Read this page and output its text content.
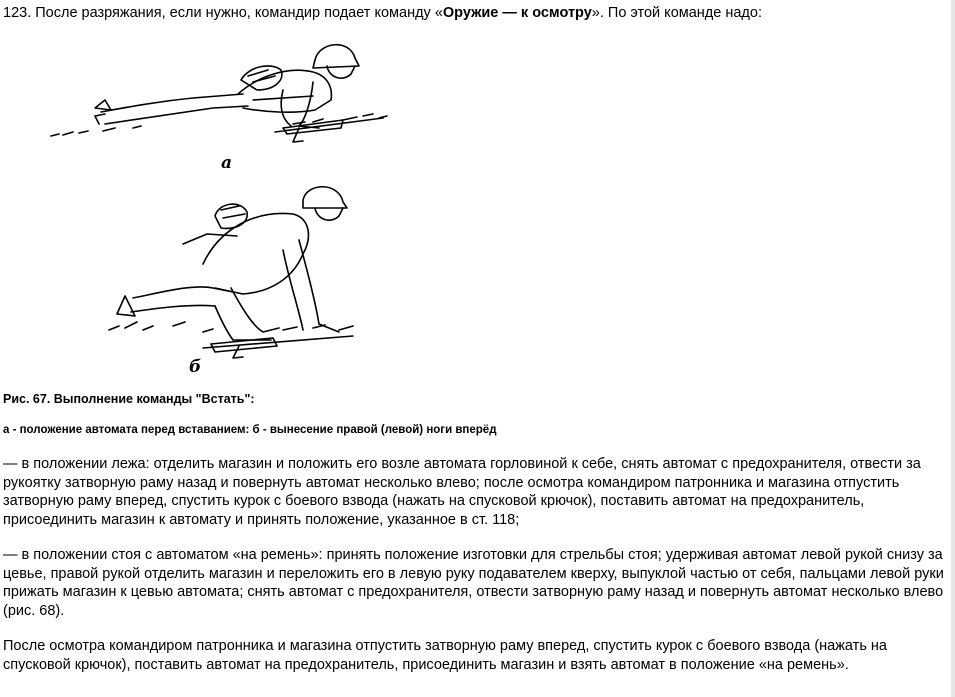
123. После разряжания, если нужно, командир подает команду «Оружие — к осмотру». По этой команде надо:
а
б
Рис. 67. Выполнение команды "Встать":
а - положение автомата перед вставанием: б - вынесение правой (левой) ноги вперёд
— в положении лежа: отделить магазин и положить его возле автомата горловиной к себе, снять автомат с предохранителя, отвести за рукоятку затворную раму назад и повернуть автомат несколько влево; после осмотра командиром патронника и магазина отпустить затворную раму вперед, спустить курок с боевого взвода (нажать на спусковой крючок), поставить автомат на предохранитель, присоединить магазин к автомату и принять положение, указанное в ст. 118;
— в положении стоя с автоматом «на ремень»: принять положение изготовки для стрельбы стоя; удерживая автомат левой рукой снизу за цевье, правой рукой отделить магазин и переложить его в левую руку подавателем кверху, выпуклой частью от себя, пальцами левой руки прижать магазин к цевью автомата; снять автомат с предохранителя, отвести затворную раму назад и повернуть автомат несколько влево (рис. 68).
После осмотра командиром патронника и магазина отпустить затворную раму вперед, спустить курок с боевого взвода (нажать на спусковой крючок), поставить автомат на предохранитель, присоединить магазин и взять автомат в положение «на ремень».
